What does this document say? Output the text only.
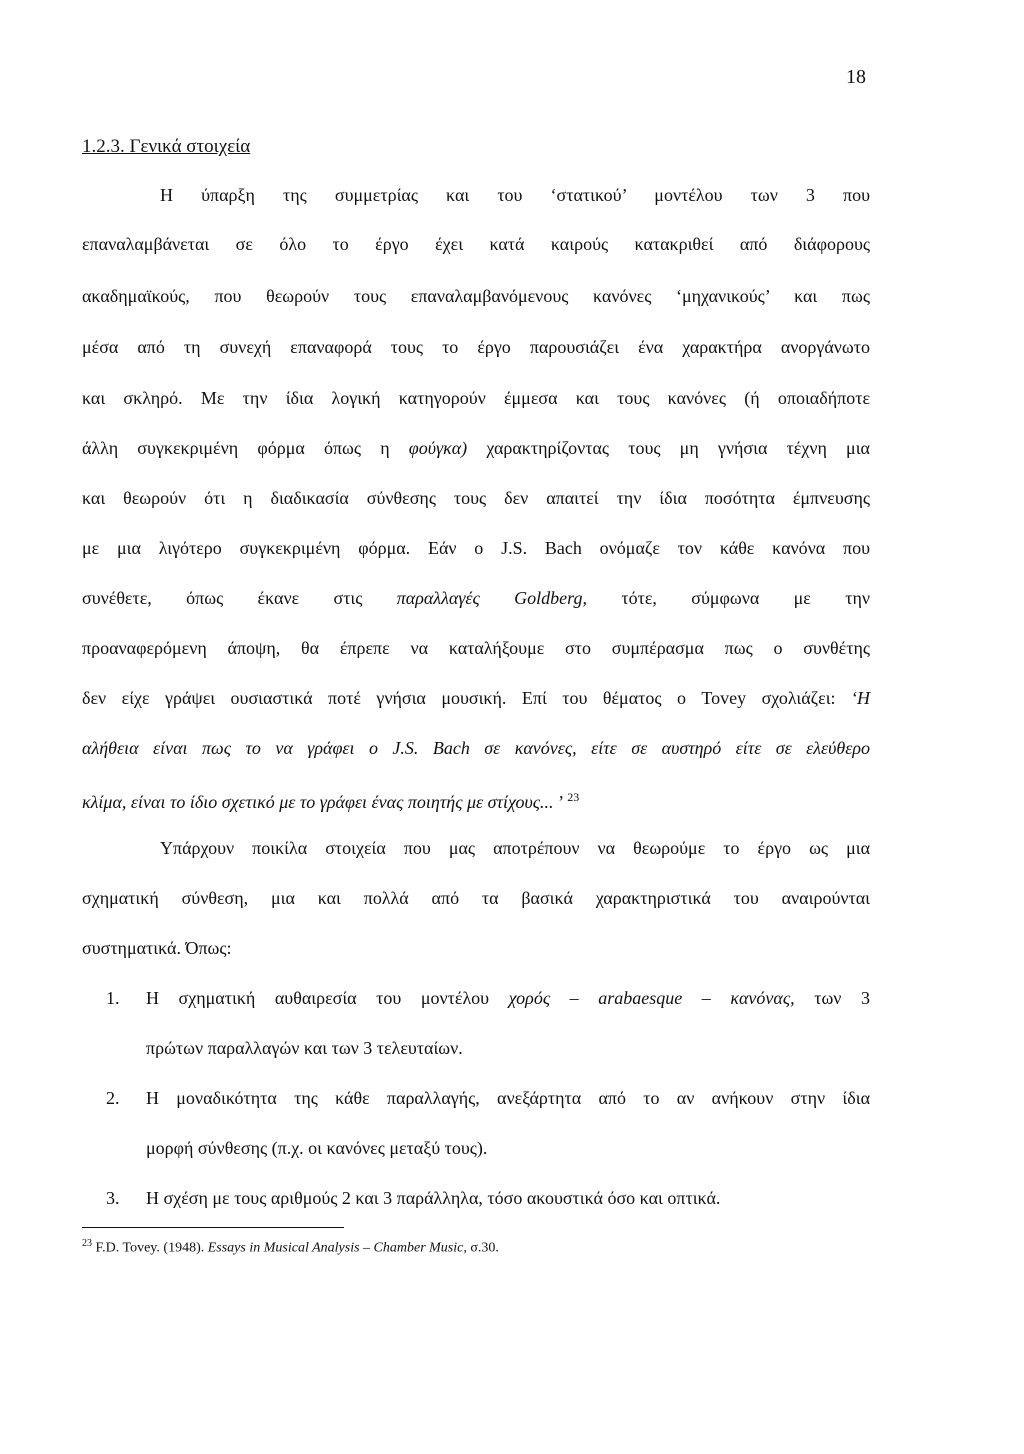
18
1.2.3. Γενικά στοιχεία
Η ύπαρξη της συμμετρίας και του ‘στατικού’ μοντέλου των 3 που
επαναλαμβάνεται σε όλο το έργο έχει κατά καιρούς κατακριθεί από διάφορους
ακαδημαϊκούς, που θεωρούν τους επαναλαμβανόμενους κανόνες ‘μηχανικούς’ και πως
μέσα από τη συνεχή επαναφορά τους το έργο παρουσιάζει ένα χαρακτήρα ανοργάνωτο
και σκληρό. Με την ίδια λογική κατηγορούν έμμεσα και τους κανόνες (ή οποιαδήποτε
άλλη συγκεκριμένη φόρμα όπως η φούγκα) χαρακτηρίζοντας τους μη γνήσια τέχνη μια
και θεωρούν ότι η διαδικασία σύνθεσης τους δεν απαιτεί την ίδια ποσότητα έμπνευσης
με μια λιγότερο συγκεκριμένη φόρμα. Εάν ο J.S. Bach ονόμαζε τον κάθε κανόνα που
συνέθετε, όπως έκανε στις παραλλαγές Goldberg, τότε, σύμφωνα με την
προαναφερόμενη άποψη, θα έπρεπε να καταλήξουμε στο συμπέρασμα πως ο συνθέτης
δεν είχε γράψει ουσιαστικά ποτέ γνήσια μουσική. Επί του θέματος ο Tovey σχολιάζει: ‘Η
αλήθεια είναι πως το να γράφει ο J.S. Bach σε κανόνες, είτε σε αυστηρό είτε σε ελεύθερο
κλίμα, είναι το ίδιο σχετικό με το γράφει ένας ποιητής με στίχους... ’ $^{23}$
Υπάρχουν ποικίλα στοιχεία που μας αποτρέπουν να θεωρούμε το έργο ως μια
σχηματική σύνθεση, μια και πολλά από τα βασικά χαρακτηριστικά του αναιρούνται
συστηματικά. Όπως:
1. Η σχηματική αυθαιρεσία του μοντέλου χορός – arabaesque – κανόνας, των 3
πρώτων παραλλαγών και των 3 τελευταίων.
2. Η μοναδικότητα της κάθε παραλλαγής, ανεξάρτητα από το αν ανήκουν στην ίδια
μορφή σύνθεσης (π.χ. οι κανόνες μεταξύ τους).
3. Η σχέση με τους αριθμούς 2 και 3 παράλληλα, τόσο ακουστικά όσο και οπτικά.
$^{23}$ F.D. Tovey. (1948). Essays in Musical Analysis – Chamber Music, σ.30.
